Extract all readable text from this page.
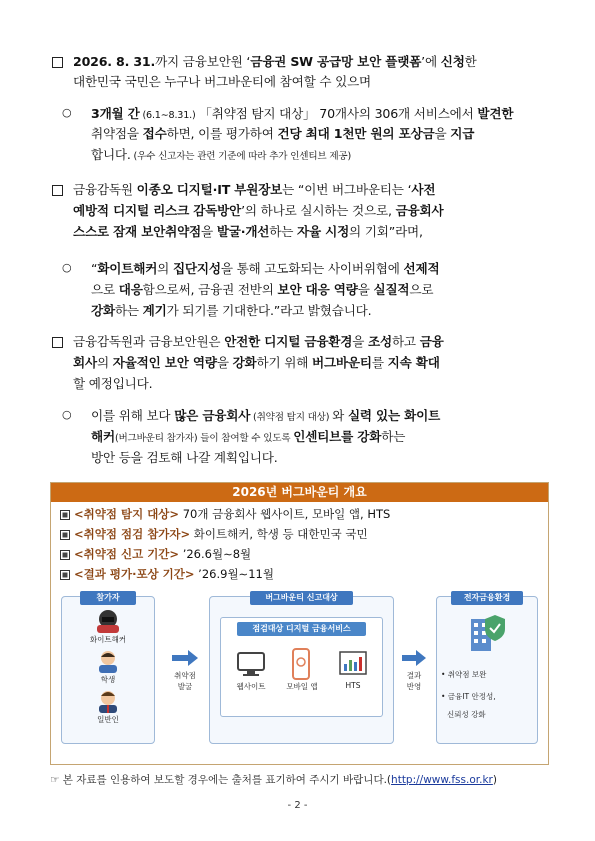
2026. 8. 31.까지 금융보안원 ‘금융권 SW 공급망 보안 플랫폼’에 신청한
대한민국 국민은 누구나 버그바운티에 참여할 수 있으며
○ 3개월 간 (6.1∼8.31.) 「취약점 탐지 대상」 70개사의 306개 서비스에서 발견한
취약점을 접수하면, 이를 평가하여 건당 최대 1천만 원의 포상금을 지급
합니다. (우수 신고자는 관련 기준에 따라 추가 인센티브 제공)
금융감독원 이종오 디지털·IT 부원장보는 “이번 버그바운티는 ‘사전
예방적 디지털 리스크 감독방안’의 하나로 실시하는 것으로, 금융회사
스스로 잠재 보안취약점을 발굴·개선하는 자율 시정의 기회”라며,
○ “화이트해커의 집단지성을 통해 고도화되는 사이버위협에 선제적
으로 대응함으로써, 금융권 전반의 보안 대응 역량을 실질적으로
강화하는 계기가 되기를 기대한다.”라고 밝혔습니다.
금융감독원과 금융보안원은 안전한 디지털 금융환경을 조성하고 금융
회사의 자율적인 보안 역량을 강화하기 위해 버그바운티를 지속 확대
할 예정입니다.
○ 이를 위해 보다 많은 금융회사 (취약점 탐지 대상) 와 실력 있는 화이트
해커(버그바운티 참가자) 들이 참여할 수 있도록 인센티브를 강화하는
방안 등을 검토해 나갈 계획입니다.
2026년 버그바운티 개요
<취약점 탐지 대상> 70개 금융회사 웹사이트, 모바일 앱, HTS
<취약점 점검 참가자> 화이트해커, 학생 등 대한민국 국민
<취약점 신고 기간> ’26.6월∼8월
<결과 평가·포상 기간> ’26.9월∼11월
참가자
화이트해커
학생
일반인
취약점
발굴
버그바운티 신고대상
점검대상 디지털 금융서비스
웹사이트	모바일 앱	HTS
결과
반영
전자금융환경
• 취약점 보완
• 금융IT 안정성,
신뢰성 강화
☞ 본 자료를 인용하여 보도할 경우에는 출처를 표기하여 주시기 바랍니다.(http://www.fss.or.kr)
- 2 -
